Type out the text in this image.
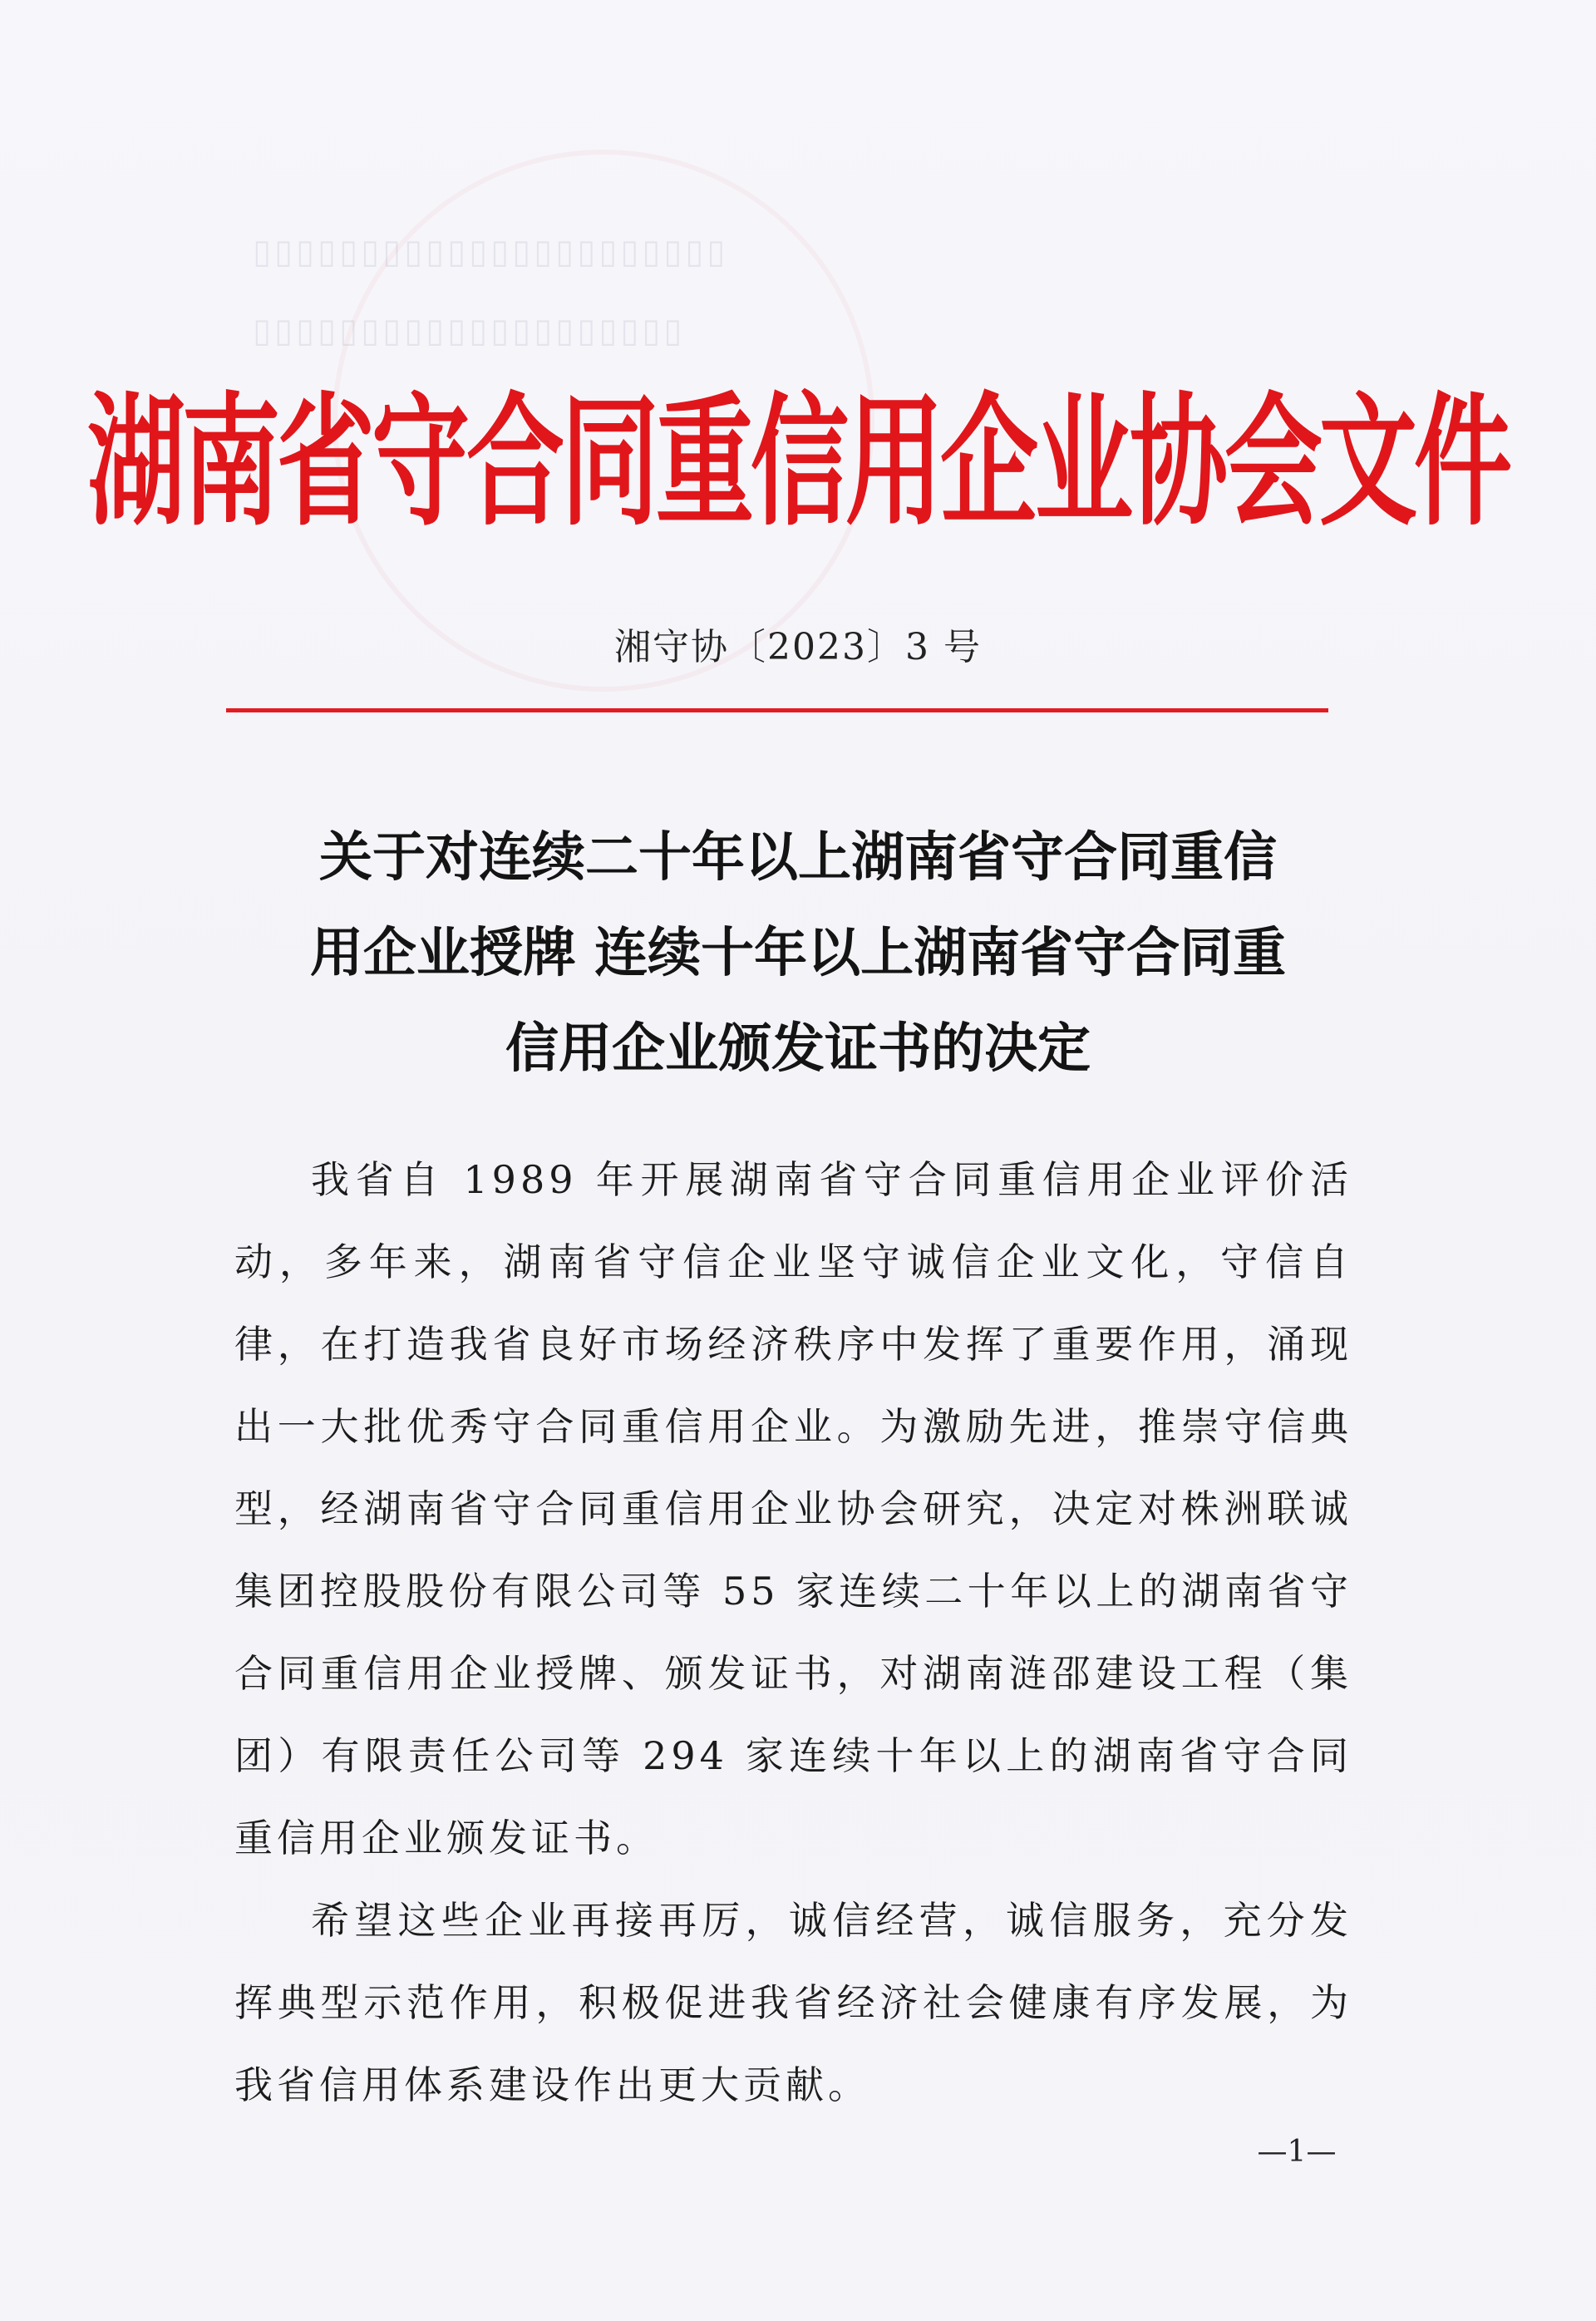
▯▯▯▯▯▯▯▯▯▯▯▯▯▯▯▯▯▯▯▯▯▯
▯▯▯▯▯▯▯▯▯▯▯▯▯▯▯▯▯▯▯▯
湖南省守合同重信用企业协会文件
湘守协〔2023〕3 号
关于对连续二十年以上湖南省守合同重信
用企业授牌 连续十年以上湖南省守合同重
信用企业颁发证书的决定

我省自 1989 年开展湖南省守合同重信用企业评价活动，多年来，湖南省守信企业坚守诚信企业文化，守信自律，在打造我省良好市场经济秩序中发挥了重要作用，涌现出一大批优秀守合同重信用企业。为激励先进，推崇守信典型，经湖南省守合同重信用企业协会研究，决定对株洲联诚集团控股股份有限公司等 55 家连续二十年以上的湖南省守合同重信用企业授牌、颁发证书，对湖南涟邵建设工程（集团）有限责任公司等 294 家连续十年以上的湖南省守合同重信用企业颁发证书。

希望这些企业再接再厉，诚信经营，诚信服务，充分发挥典型示范作用，积极促进我省经济社会健康有序发展，为我省信用体系建设作出更大贡献。

—1—
